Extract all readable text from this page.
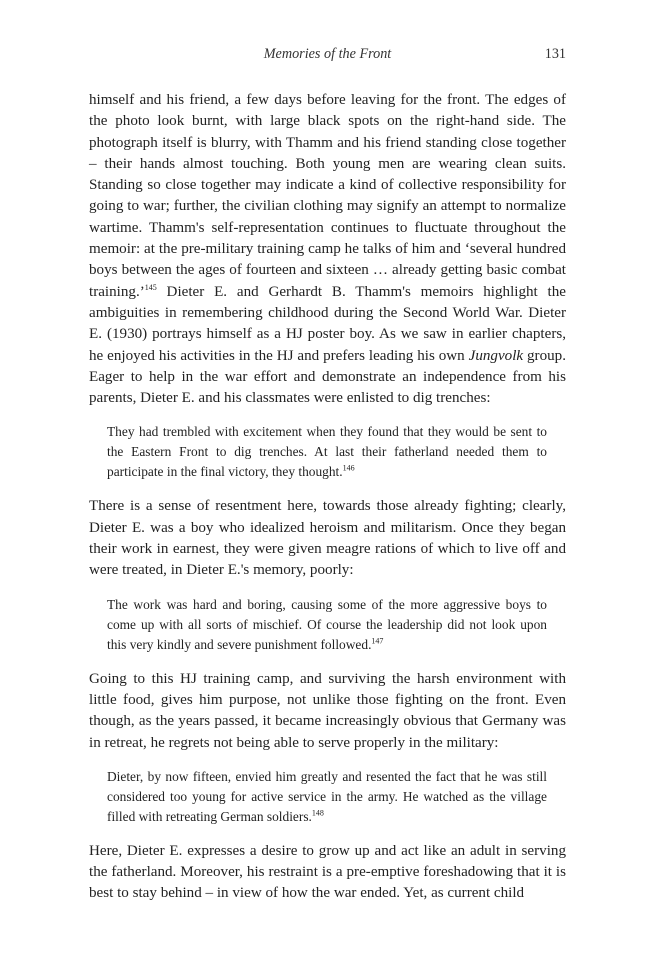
Memories of the Front	131

himself and his friend, a few days before leaving for the front. The edges of the photo look burnt, with large black spots on the right-hand side. The photograph itself is blurry, with Thamm and his friend standing close together – their hands almost touching. Both young men are wearing clean suits. Standing so close together may indicate a kind of collective responsibility for going to war; further, the civilian clothing may signify an attempt to normalize wartime. Thamm's self-representation continues to fluctuate throughout the memoir: at the pre-military training camp he talks of him and ‘several hundred boys between the ages of fourteen and sixteen … already getting basic combat training.’$^{145}$ Dieter E. and Gerhardt B. Thamm's memoirs highlight the ambiguities in remembering childhood during the Second World War. Dieter E. (1930) portrays himself as a HJ poster boy. As we saw in earlier chapters, he enjoyed his activities in the HJ and prefers leading his own Jungvolk group. Eager to help in the war effort and demonstrate an independence from his parents, Dieter E. and his classmates were enlisted to dig trenches:

They had trembled with excitement when they found that they would be sent to the Eastern Front to dig trenches. At last their fatherland needed them to participate in the final victory, they thought.$^{146}$

There is a sense of resentment here, towards those already fighting; clearly, Dieter E. was a boy who idealized heroism and militarism. Once they began their work in earnest, they were given meagre rations of which to live off and were treated, in Dieter E.'s memory, poorly:

The work was hard and boring, causing some of the more aggressive boys to come up with all sorts of mischief. Of course the leadership did not look upon this very kindly and severe punishment followed.$^{147}$

Going to this HJ training camp, and surviving the harsh environment with little food, gives him purpose, not unlike those fighting on the front. Even though, as the years passed, it became increasingly obvious that Germany was in retreat, he regrets not being able to serve properly in the military:

Dieter, by now fifteen, envied him greatly and resented the fact that he was still considered too young for active service in the army. He watched as the village filled with retreating German soldiers.$^{148}$

Here, Dieter E. expresses a desire to grow up and act like an adult in serving the fatherland. Moreover, his restraint is a pre-emptive foreshadowing that it is best to stay behind – in view of how the war ended. Yet, as current child
